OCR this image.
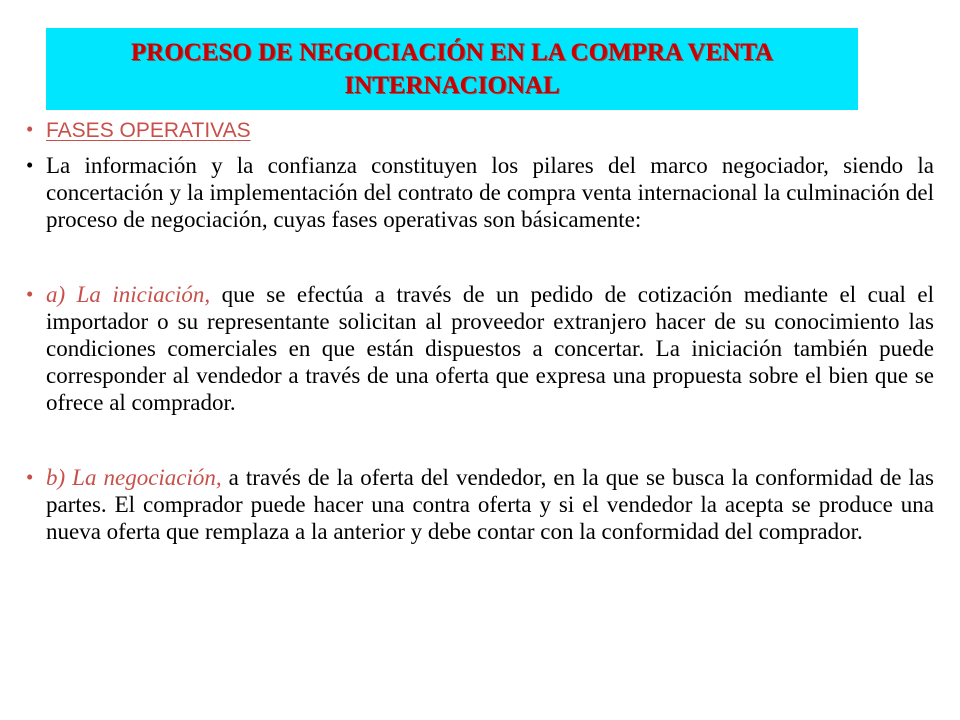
PROCESO DE NEGOCIACIÓN EN LA COMPRA VENTA
INTERNACIONAL
• FASES OPERATIVAS
• La información y la confianza constituyen los pilares del marco negociador, siendo la concertación y la implementación del contrato de compra venta internacional la culminación del proceso de negociación, cuyas fases operativas son básicamente:
• a) La iniciación, que se efectúa a través de un pedido de cotización mediante el cual el importador o su representante solicitan al proveedor extranjero hacer de su conocimiento las condiciones comerciales en que están dispuestos a concertar. La iniciación también puede corresponder al vendedor a través de una oferta que expresa una propuesta sobre el bien que se ofrece al comprador.
• b) La negociación, a través de la oferta del vendedor, en la que se busca la conformidad de las partes. El comprador puede hacer una contra oferta y si el vendedor la acepta se produce una nueva oferta que remplaza a la anterior y debe contar con la conformidad del comprador.
